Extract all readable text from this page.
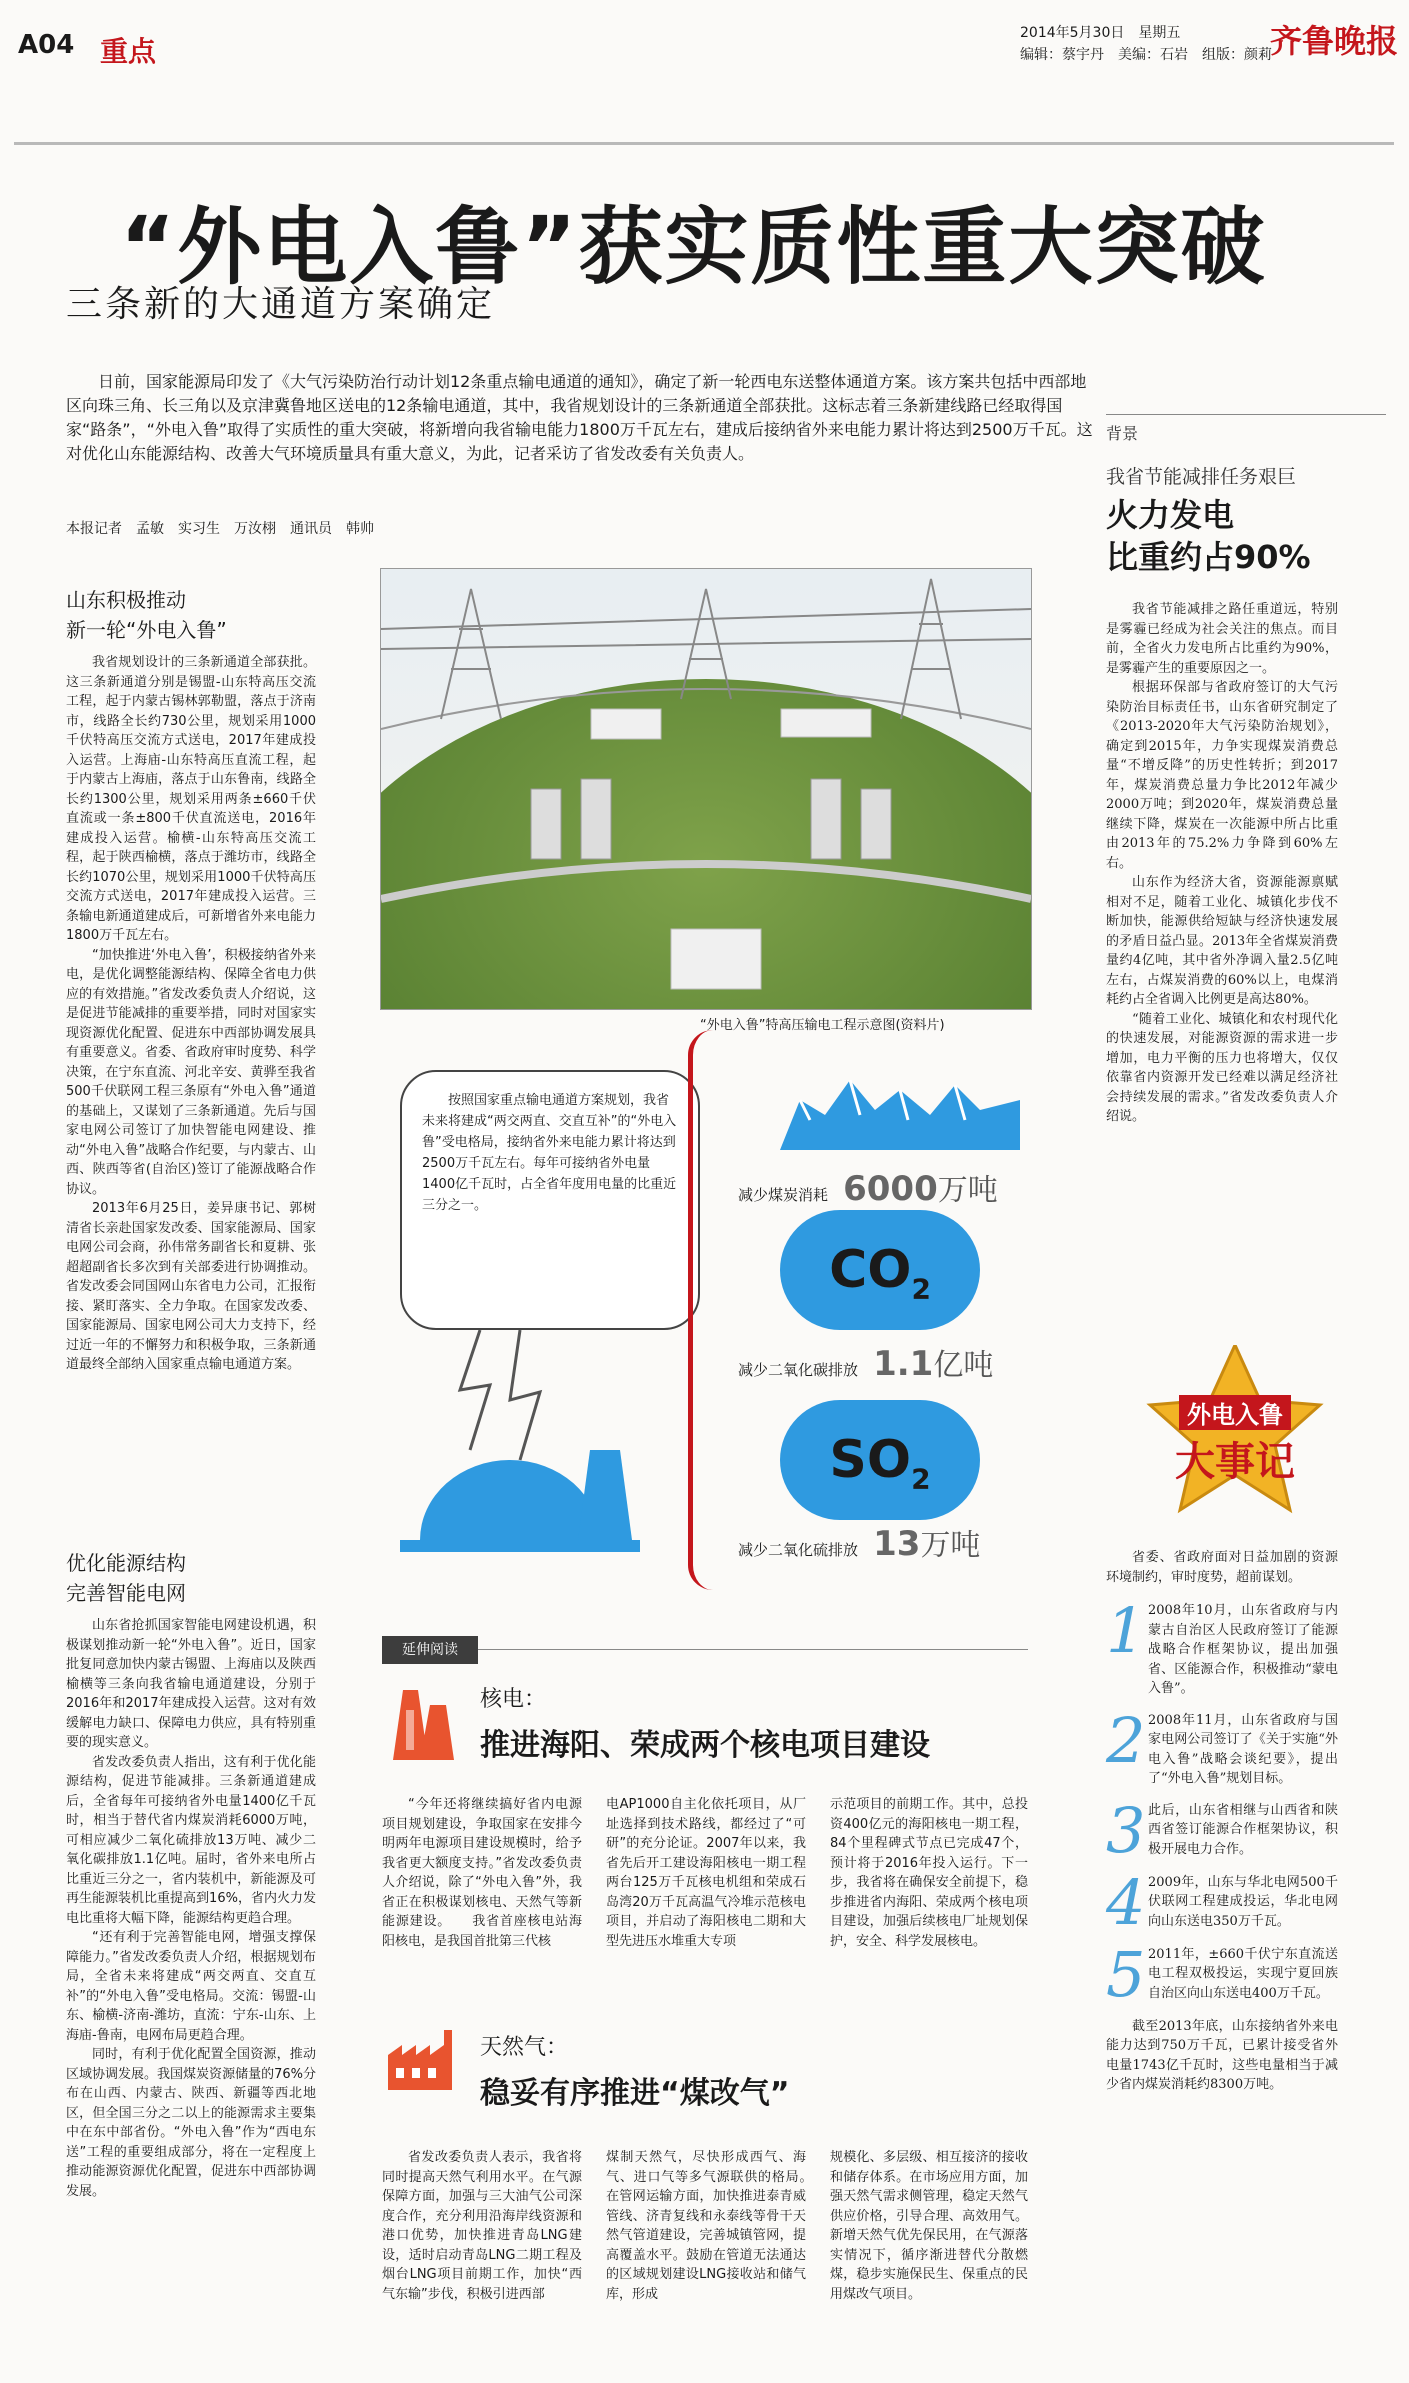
A04 重点
2014年5月30日　星期五
编辑：蔡宇丹　美编：石岩　组版：颜莉
齐鲁晚报
“外电入鲁”获实质性重大突破
三条新的大通道方案确定

日前，国家能源局印发了《大气污染防治行动计划12条重点输电通道的通知》，确定了新一轮西电东送整体通道方案。该方案共包括中西部地区向珠三角、长三角以及京津冀鲁地区送电的12条输电通道，其中，我省规划设计的三条新通道全部获批。这标志着三条新建线路已经取得国家“路条”，“外电入鲁”取得了实质性的重大突破，将新增向我省输电能力1800万千瓦左右，建成后接纳省外来电能力累计将达到2500万千瓦。这对优化山东能源结构、改善大气环境质量具有重大意义，为此，记者采访了省发改委有关负责人。

本报记者　孟敏　实习生　万汝栩　通讯员　韩帅
山东积极推动
新一轮“外电入鲁”

我省规划设计的三条新通道全部获批。这三条新通道分别是锡盟-山东特高压交流工程，起于内蒙古锡林郭勒盟，落点于济南市，线路全长约730公里，规划采用1000千伏特高压交流方式送电，2017年建成投入运营。上海庙-山东特高压直流工程，起于内蒙古上海庙，落点于山东鲁南，线路全长约1300公里，规划采用两条±660千伏直流或一条±800千伏直流送电，2016年建成投入运营。榆横-山东特高压交流工程，起于陕西榆横，落点于潍坊市，线路全长约1070公里，规划采用1000千伏特高压交流方式送电，2017年建成投入运营。三条输电新通道建成后，可新增省外来电能力1800万千瓦左右。

“加快推进‘外电入鲁’，积极接纳省外来电，是优化调整能源结构、保障全省电力供应的有效措施。”省发改委负责人介绍说，这是促进节能减排的重要举措，同时对国家实现资源优化配置、促进东中西部协调发展具有重要意义。省委、省政府审时度势、科学决策，在宁东直流、河北辛安、黄骅至我省500千伏联网工程三条原有“外电入鲁”通道的基础上，又谋划了三条新通道。先后与国家电网公司签订了加快智能电网建设、推动“外电入鲁”战略合作纪要，与内蒙古、山西、陕西等省(自治区)签订了能源战略合作协议。

2013年6月25日，姜异康书记、郭树清省长亲赴国家发改委、国家能源局、国家电网公司会商，孙伟常务副省长和夏耕、张超超副省长多次到有关部委进行协调推动。省发改委会同国网山东省电力公司，汇报衔接、紧盯落实、全力争取。在国家发改委、国家能源局、国家电网公司大力支持下，经过近一年的不懈努力和积极争取，三条新通道最终全部纳入国家重点输电通道方案。

优化能源结构
完善智能电网

山东省抢抓国家智能电网建设机遇，积极谋划推动新一轮“外电入鲁”。近日，国家批复同意加快内蒙古锡盟、上海庙以及陕西榆横等三条向我省输电通道建设，分别于2016年和2017年建成投入运营。这对有效缓解电力缺口、保障电力供应，具有特别重要的现实意义。

省发改委负责人指出，这有利于优化能源结构，促进节能减排。三条新通道建成后，全省每年可接纳省外电量1400亿千瓦时，相当于替代省内煤炭消耗6000万吨，可相应减少二氧化硫排放13万吨、减少二氧化碳排放1.1亿吨。届时，省外来电所占比重近三分之一，省内装机中，新能源及可再生能源装机比重提高到16%，省内火力发电比重将大幅下降，能源结构更趋合理。

“还有利于完善智能电网，增强支撑保障能力。”省发改委负责人介绍，根据规划布局，全省未来将建成“两交两直、交直互补”的“外电入鲁”受电格局。交流：锡盟-山东、榆横-济南-潍坊，直流：宁东-山东、上海庙-鲁南，电网布局更趋合理。

同时，有利于优化配置全国资源，推动区域协调发展。我国煤炭资源储量的76%分布在山西、内蒙古、陕西、新疆等西北地区，但全国三分之二以上的能源需求主要集中在东中部省份。“外电入鲁”作为“西电东送”工程的重要组成部分，将在一定程度上推动能源资源优化配置，促进东中西部协调发展。

“外电入鲁”特高压输电工程示意图(资料片)
按照国家重点输电通道方案规划，我省未来将建成“两交两直、交直互补”的“外电入鲁”受电格局，接纳省外来电能力累计将达到2500万千瓦左右。每年可接纳省外电量1400亿千瓦时，占全省年度用电量的比重近三分之一。
减少煤炭消耗 6000万吨
$CO_2$
减少二氧化碳排放 1.1亿吨
$SO_2$
减少二氧化硫排放 13万吨
延伸阅读
核电：
推进海阳、荣成两个核电项目建设

“今年还将继续搞好省内电源项目规划建设，争取国家在安排今明两年电源项目建设规模时，给予我省更大额度支持。”省发改委负责人介绍说，除了“外电入鲁”外，我省正在积极谋划核电、天然气等新能源建设。　　我省首座核电站海阳核电，是我国首批第三代核

电AP1000自主化依托项目，从厂址选择到技术路线，都经过了“可研”的充分论证。2007年以来，我省先后开工建设海阳核电一期工程两台125万千瓦核电机组和荣成石岛湾20万千瓦高温气冷堆示范核电项目，并启动了海阳核电二期和大型先进压水堆重大专项

示范项目的前期工作。其中，总投资400亿元的海阳核电一期工程，84个里程碑式节点已完成47个，预计将于2016年投入运行。下一步，我省将在确保安全前提下，稳步推进省内海阳、荣成两个核电项目建设，加强后续核电厂址规划保护，安全、科学发展核电。

天然气：
稳妥有序推进“煤改气”

省发改委负责人表示，我省将同时提高天然气利用水平。在气源保障方面，加强与三大油气公司深度合作，充分利用沿海岸线资源和港口优势，加快推进青岛LNG建设，适时启动青岛LNG二期工程及烟台LNG项目前期工作，加快“西气东输”步伐，积极引进西部

煤制天然气，尽快形成西气、海气、进口气等多气源联供的格局。　　在管网运输方面，加快推进泰青威管线、济青复线和永泰线等骨干天然气管道建设，完善城镇管网，提高覆盖水平。鼓励在管道无法通达的区域规划建设LNG接收站和储气库，形成

规模化、多层级、相互接济的接收和储存体系。在市场应用方面，加强天然气需求侧管理，稳定天然气供应价格，引导合理、高效用气。新增天然气优先保民用，在气源落实情况下，循序渐进替代分散燃煤，稳步实施保民生、保重点的民用煤改气项目。

背景
我省节能减排任务艰巨
火力发电
比重约占90%

我省节能减排之路任重道远，特别是雾霾已经成为社会关注的焦点。而目前，全省火力发电所占比重约为90%，是雾霾产生的重要原因之一。

根据环保部与省政府签订的大气污染防治目标责任书，山东省研究制定了《2013-2020年大气污染防治规划》，确定到2015年，力争实现煤炭消费总量“不增反降”的历史性转折；到2017年，煤炭消费总量力争比2012年减少2000万吨；到2020年，煤炭消费总量继续下降，煤炭在一次能源中所占比重由2013年的75.2%力争降到60%左右。

山东作为经济大省，资源能源禀赋相对不足，随着工业化、城镇化步伐不断加快，能源供给短缺与经济快速发展的矛盾日益凸显。2013年全省煤炭消费量约4亿吨，其中省外净调入量2.5亿吨左右，占煤炭消费的60%以上，电煤消耗约占全省调入比例更是高达80%。

“随着工业化、城镇化和农村现代化的快速发展，对能源资源的需求进一步增加，电力平衡的压力也将增大，仅仅依靠省内资源开发已经难以满足经济社会持续发展的需求。”省发改委负责人介绍说。

外电入鲁
大事记

省委、省政府面对日益加剧的资源环境制约，审时度势，超前谋划。

1 2008年10月，山东省政府与内蒙古自治区人民政府签订了能源战略合作框架协议，提出加强省、区能源合作，积极推动“蒙电入鲁”。
2 2008年11月，山东省政府与国家电网公司签订了《关于实施“外电入鲁”战略会谈纪要》，提出了“外电入鲁”规划目标。
3 此后，山东省相继与山西省和陕西省签订能源合作框架协议，积极开展电力合作。
4 2009年，山东与华北电网500千伏联网工程建成投运，华北电网向山东送电350万千瓦。
5 2011年，±660千伏宁东直流送电工程双极投运，实现宁夏回族自治区向山东送电400万千瓦。

截至2013年底，山东接纳省外来电能力达到750万千瓦，已累计接受省外电量1743亿千瓦时，这些电量相当于减少省内煤炭消耗约8300万吨。
